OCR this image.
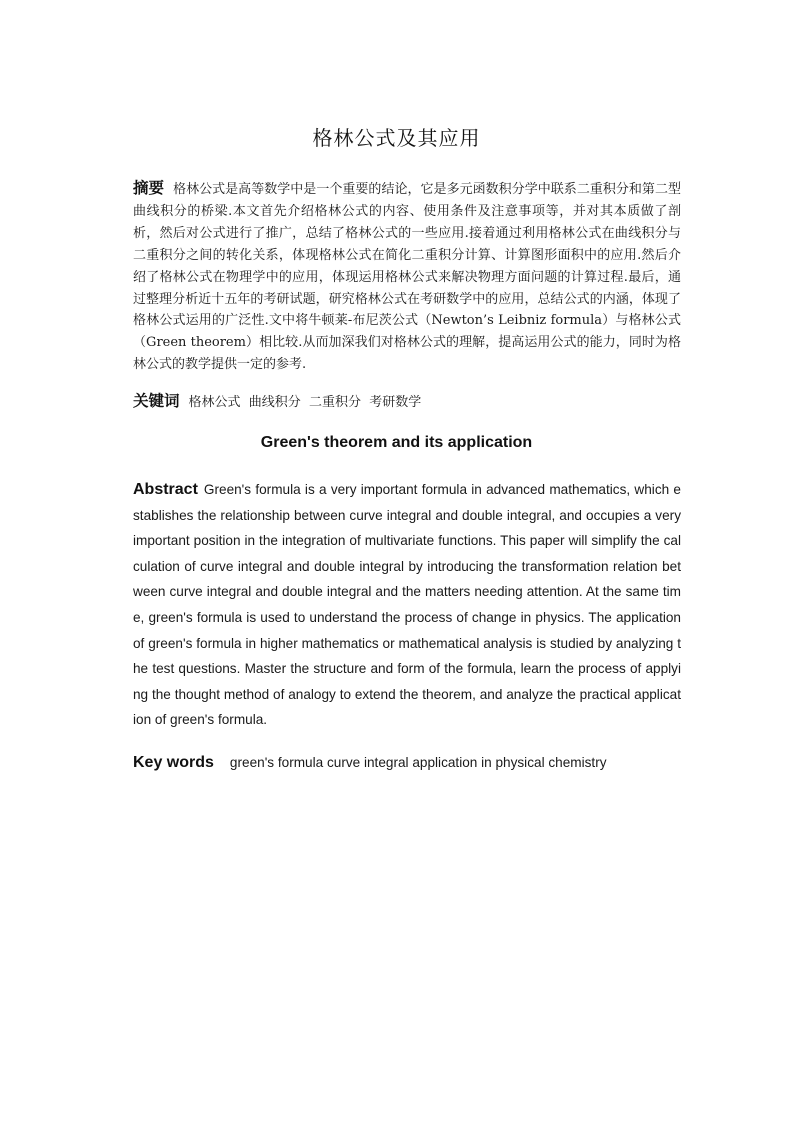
格林公式及其应用
摘要 格林公式是高等数学中是一个重要的结论，它是多元函数积分学中联系二重积分和第二型曲线积分的桥梁.本文首先介绍格林公式的内容、使用条件及注意事项等，并对其本质做了剖析，然后对公式进行了推广，总结了格林公式的一些应用.接着通过利用格林公式在曲线积分与二重积分之间的转化关系，体现格林公式在简化二重积分计算、计算图形面积中的应用.然后介绍了格林公式在物理学中的应用，体现运用格林公式来解决物理方面问题的计算过程.最后，通过整理分析近十五年的考研试题，研究格林公式在考研数学中的应用，总结公式的内涵，体现了格林公式运用的广泛性.文中将牛顿莱-布尼茨公式（Newton’s Leibniz formula）与格林公式（Green theorem）相比较.从而加深我们对格林公式的理解，提高运用公式的能力，同时为格林公式的教学提供一定的参考.
关键词 格林公式  曲线积分  二重积分  考研数学
Green's theorem and its application
Abstract Green's formula is a very important formula in advanced mathematics, which establishes the relationship between curve integral and double integral, and occupies a very important position in the integration of multivariate functions. This paper will simplify the calculation of curve integral and double integral by introducing the transformation relation between curve integral and double integral and the matters needing attention. At the same time, green's formula is used to understand the process of change in physics. The application of green's formula in higher mathematics or mathematical analysis is studied by analyzing the test questions. Master the structure and form of the formula, learn the process of applying the thought method of analogy to extend the theorem, and analyze the practical application of green's formula.
Key words green's formula curve integral application in physical chemistry
